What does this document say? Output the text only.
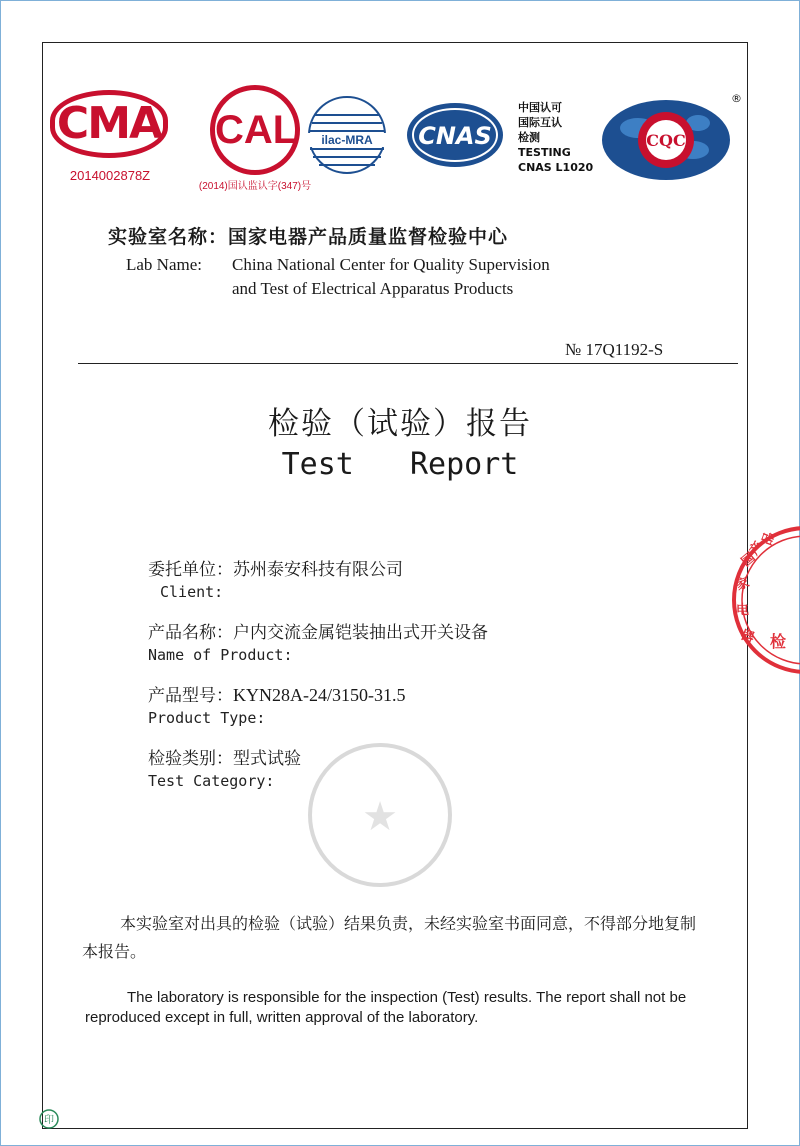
CMA
2014002878Z
CAL
(2014)国认监认字(347)号
ilac-MRA CNAS
中国认可
国际互认
检测
TESTING
CNAS L1020
CQC
®
实验室名称：国家电器产品质量监督检验中心
Lab Name: China National Center for Quality Supervision
and Test of Electrical Apparatus Products
№ 17Q1192-S
检验（试验）报告
Test  Report
委托单位：苏州泰安科技有限公司
Client:
产品名称：户内交流金属铠装抽出式开关设备
Name of Product:
产品型号：KYN28A-24/3150-31.5
Product Type:
检验类别：型式试验
Test Category:
★
本实验室对出具的检验（试验）结果负责，未经实验室书面同意，不得部分地复制本报告。
The laboratory is responsible for the inspection (Test) results. The report shall not be reproduced except in full, written approval of the laboratory.
国
家
电
器
产
品
检
印
